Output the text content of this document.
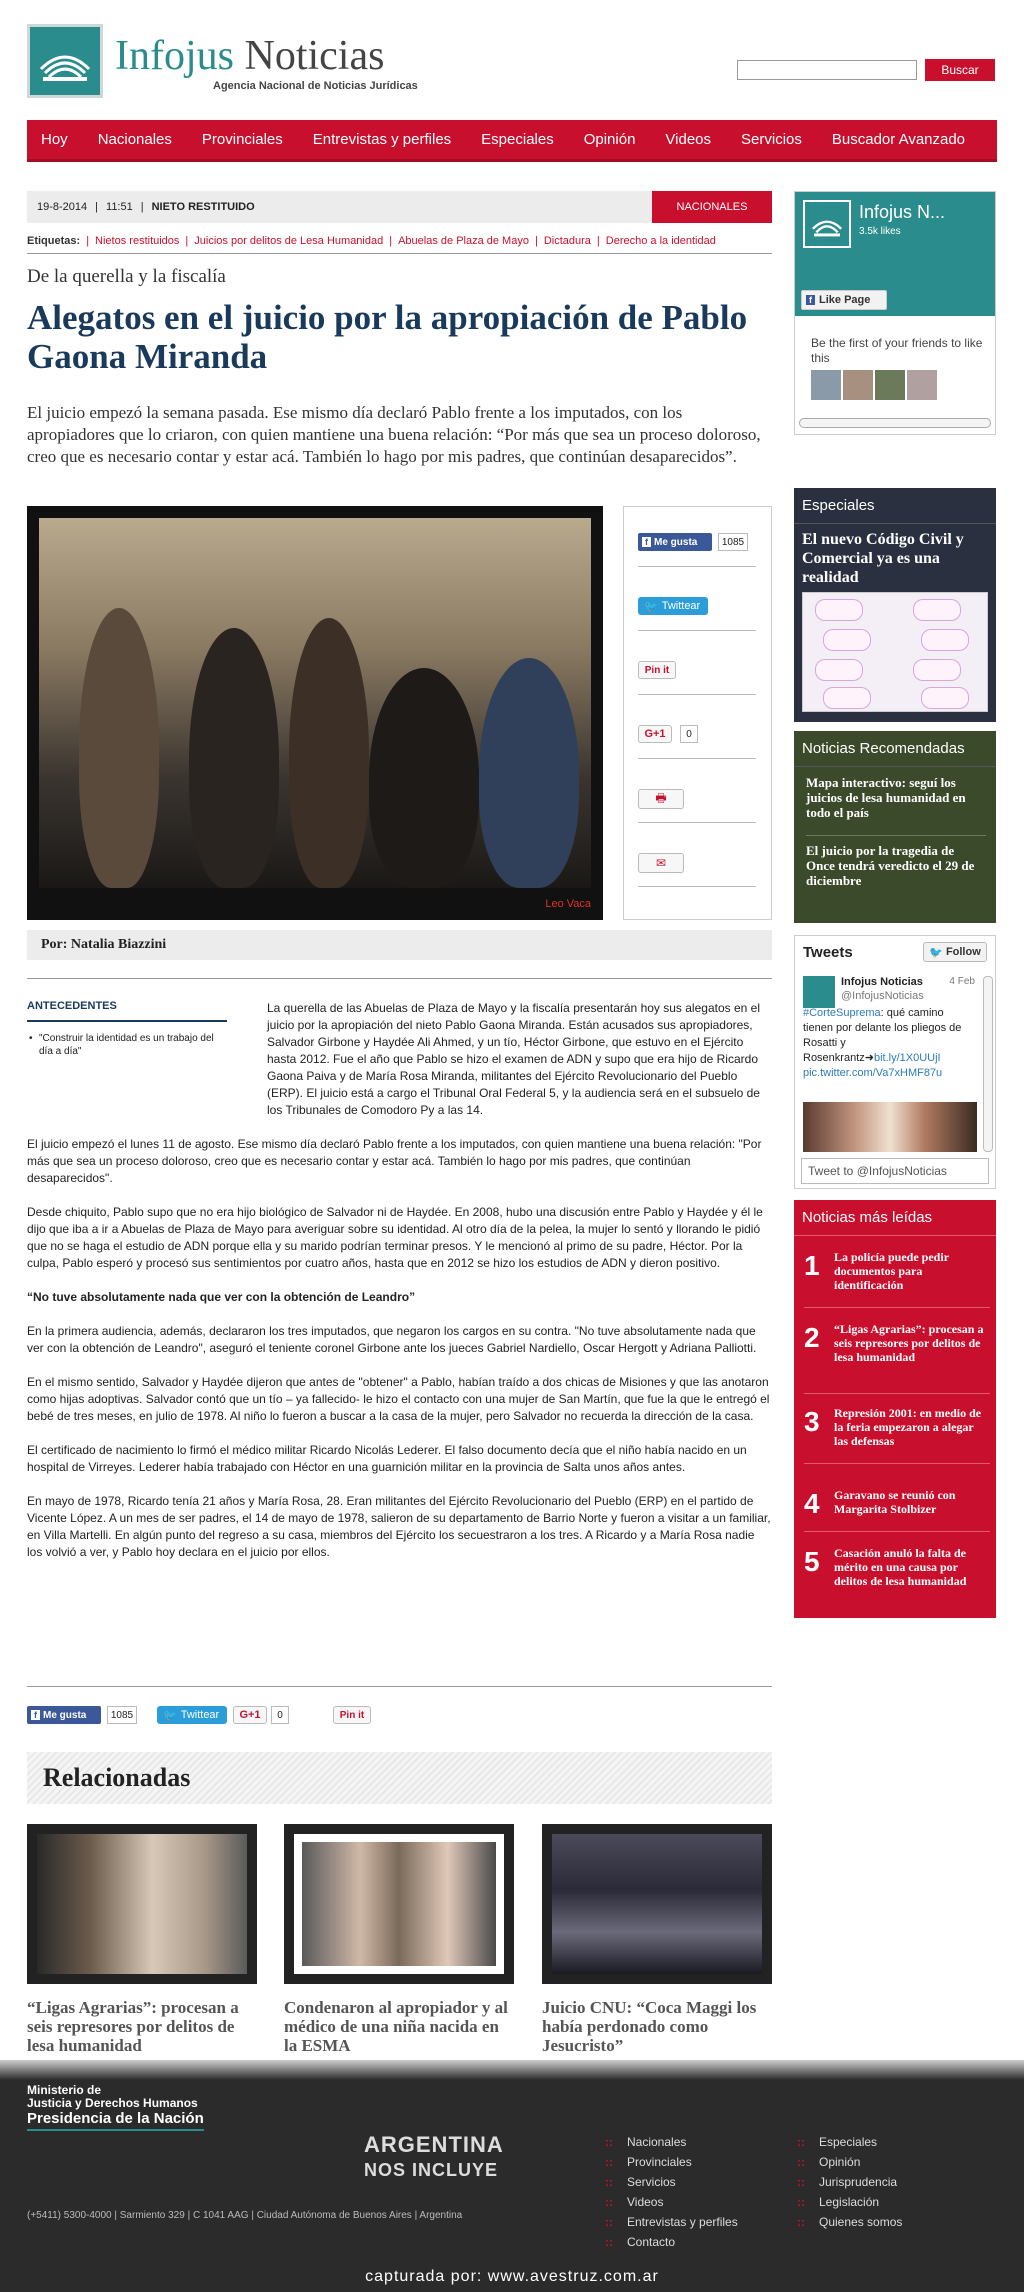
Infojus Noticias
Agencia Nacional de Noticias Jurídicas
Buscar
Hoy Nacionales Provinciales Entrevistas y perfiles Especiales Opinión Videos Servicios Buscador Avanzado
19-8-2014 | 11:51 | NIETO RESTITUIDO	NACIONALES
Etiquetas: | Nietos restituidos | Juicios por delitos de Lesa Humanidad | Abuelas de Plaza de Mayo | Dictadura | Derecho a la identidad
De la querella y la fiscalía
Alegatos en el juicio por la apropiación de Pablo Gaona Miranda
El juicio empezó la semana pasada. Ese mismo día declaró Pablo frente a los imputados, con los apropiadores que lo criaron, con quien mantiene una buena relación: “Por más que sea un proceso doloroso, creo que es necesario contar y estar acá. También lo hago por mis padres, que continúan desaparecidos”.
Leo Vaca
f Me gusta	1085
🐦 Twittear
Pin it
G+1	0
🖶
✉
Por: Natalia Biazzini

La querella de las Abuelas de Plaza de Mayo y la fiscalía presentarán hoy sus alegatos en el juicio por la apropiación del nieto Pablo Gaona Miranda. Están acusados sus apropiadores, Salvador Girbone y Haydée Ali Ahmed, y un tío, Héctor Girbone, que estuvo en el Ejército hasta 2012. Fue el año que Pablo se hizo el examen de ADN y supo que era hijo de Ricardo Gaona Paiva y de María Rosa Miranda, militantes del Ejército Revolucionario del Pueblo (ERP). El juicio está a cargo el Tribunal Oral Federal 5, y la audiencia será en el subsuelo de los Tribunales de Comodoro Py a las 14.

El juicio empezó el lunes 11 de agosto. Ese mismo día declaró Pablo frente a los imputados, con quien mantiene una buena relación: "Por más que sea un proceso doloroso, creo que es necesario contar y estar acá. También lo hago por mis padres, que continúan desaparecidos".

Desde chiquito, Pablo supo que no era hijo biológico de Salvador ni de Haydée. En 2008, hubo una discusión entre Pablo y Haydée y él le dijo que iba a ir a Abuelas de Plaza de Mayo para averiguar sobre su identidad. Al otro día de la pelea, la mujer lo sentó y llorando le pidió que no se haga el estudio de ADN porque ella y su marido podrían terminar presos. Y le mencionó al primo de su padre, Héctor. Por la culpa, Pablo esperó y procesó sus sentimientos por cuatro años, hasta que en 2012 se hizo los estudios de ADN y dieron positivo.

“No tuve absolutamente nada que ver con la obtención de Leandro”

En la primera audiencia, además, declararon los tres imputados, que negaron los cargos en su contra. "No tuve absolutamente nada que ver con la obtención de Leandro", aseguró el teniente coronel Girbone ante los jueces Gabriel Nardiello, Oscar Hergott y Adriana Palliotti.

En el mismo sentido, Salvador y Haydée dijeron que antes de "obtener" a Pablo, habían traído a dos chicas de Misiones y que las anotaron como hijas adoptivas. Salvador contó que un tío – ya fallecido- le hizo el contacto con una mujer de San Martín, que fue la que le entregó el bebé de tres meses, en julio de 1978. Al niño lo fueron a buscar a la casa de la mujer, pero Salvador no recuerda la dirección de la casa.

El certificado de nacimiento lo firmó el médico militar Ricardo Nicolás Lederer. El falso documento decía que el niño había nacido en un hospital de Virreyes. Lederer había trabajado con Héctor en una guarnición militar en la provincia de Salta unos años antes.

En mayo de 1978, Ricardo tenía 21 años y María Rosa, 28. Eran militantes del Ejército Revolucionario del Pueblo (ERP) en el partido de Vicente López. A un mes de ser padres, el 14 de mayo de 1978, salieron de su departamento de Barrio Norte y fueron a visitar a un familiar, en Villa Martelli. En algún punto del regreso a su casa, miembros del Ejército los secuestraron a los tres. A Ricardo y a María Rosa nadie los volvió a ver, y Pablo hoy declara en el juicio por ellos.

ANTECEDENTES
• "Construir la identidad es un trabajo del día a día"
f Me gusta	1085	🐦 Twittear	G+1	0	Pin it
Relacionadas
“Ligas Agrarias”: procesan a seis represores por delitos de lesa humanidad
Condenaron al apropiador y al médico de una niña nacida en la ESMA
Juicio CNU: “Coca Maggi los había perdonado como Jesucristo”
Infojus N...
3.5k likes
f Like Page
Be the first of your friends to like this
Especiales
El nuevo Código Civil y Comercial ya es una realidad
Noticias Recomendadas
Mapa interactivo: seguí los juicios de lesa humanidad en todo el país
El juicio por la tragedia de Once tendrá veredicto el 29 de diciembre
Tweets	🐦 Follow
Infojus Noticias
@InfojusNoticias
4 Feb
#CorteSuprema: qué camino tienen por delante los pliegos de Rosatti y Rosenkrantz➜bit.ly/1X0UUjI pic.twitter.com/Va7xHMF87u
Tweet to @InfojusNoticias
Noticias más leídas
1 La policía puede pedir documentos para identificación
2 “Ligas Agrarias”: procesan a seis represores por delitos de lesa humanidad
3 Represión 2001: en medio de la feria empezaron a alegar las defensas
4 Garavano se reunió con Margarita Stolbizer
5 Casación anuló la falta de mérito en una causa por delitos de lesa humanidad
Ministerio de
Justicia y Derechos Humanos
Presidencia de la Nación
ARGENTINA
NOS INCLUYE
(+5411) 5300-4000 | Sarmiento 329 | C 1041 AAG | Ciudad Autónoma de Buenos Aires | Argentina
:: Nacionales
:: Provinciales
:: Servicios
:: Videos
:: Entrevistas y perfiles
:: Contacto
:: Especiales
:: Opinión
:: Jurisprudencia
:: Legislación
:: Quienes somos
capturada por: www.avestruz.com.ar
